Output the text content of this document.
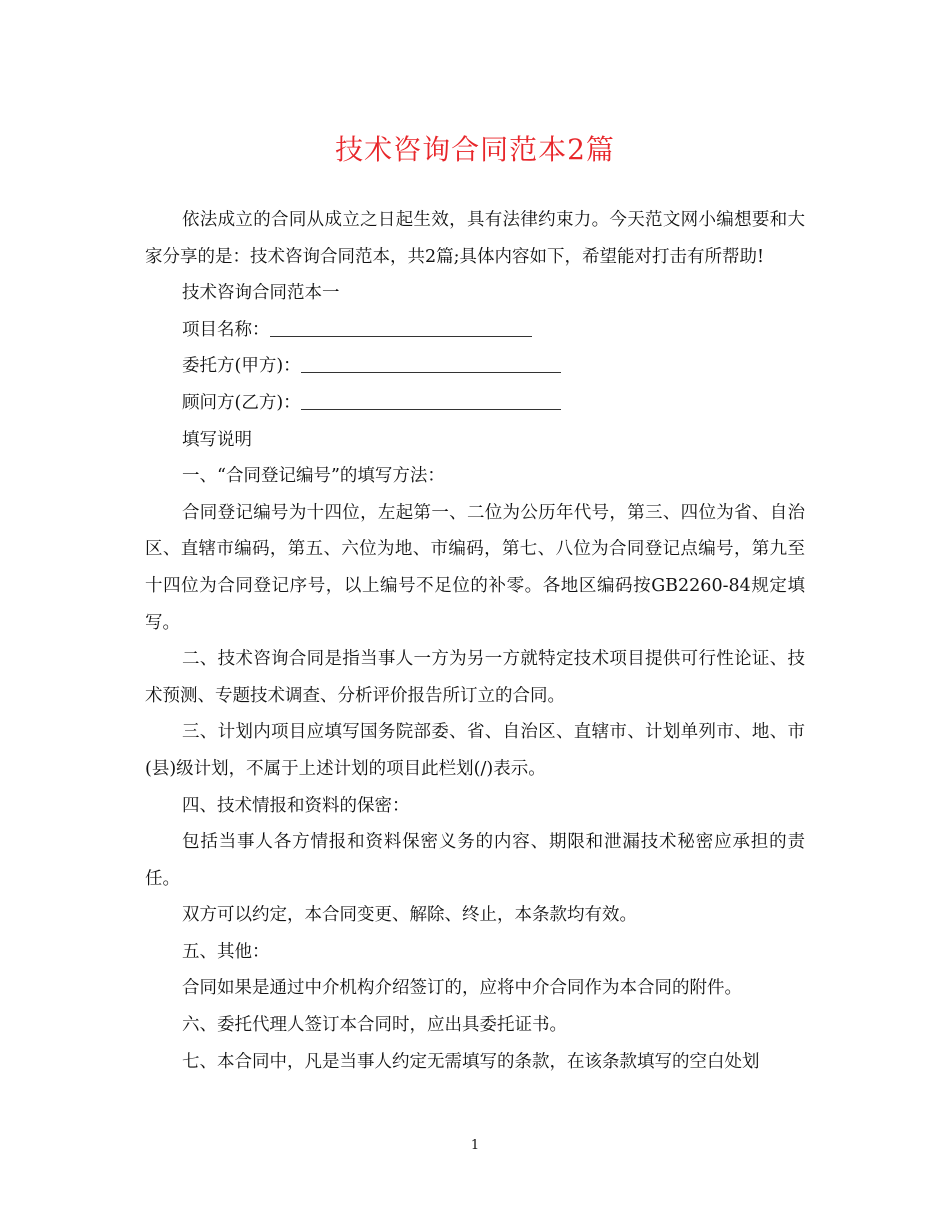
技术咨询合同范本2篇

依法成立的合同从成立之日起生效，具有法律约束力。今天范文网小编想要和大家分享的是：技术咨询合同范本，共2篇;具体内容如下，希望能对打击有所帮助!

技术咨询合同范本一

项目名称：

委托方(甲方)：

顾问方(乙方)：

填写说明

一、“合同登记编号”的填写方法：

合同登记编号为十四位，左起第一、二位为公历年代号，第三、四位为省、自治区、直辖市编码，第五、六位为地、市编码，第七、八位为合同登记点编号，第九至十四位为合同登记序号，以上编号不足位的补零。各地区编码按GB2260-84规定填写。

二、技术咨询合同是指当事人一方为另一方就特定技术项目提供可行性论证、技术预测、专题技术调查、分析评价报告所订立的合同。

三、计划内项目应填写国务院部委、省、自治区、直辖市、计划单列市、地、市(县)级计划，不属于上述计划的项目此栏划(/)表示。

四、技术情报和资料的保密：

包括当事人各方情报和资料保密义务的内容、期限和泄漏技术秘密应承担的责任。

双方可以约定，本合同变更、解除、终止，本条款均有效。

五、其他：

合同如果是通过中介机构介绍签订的，应将中介合同作为本合同的附件。

六、委托代理人签订本合同时，应出具委托证书。

七、本合同中，凡是当事人约定无需填写的条款，在该条款填写的空白处划

1
